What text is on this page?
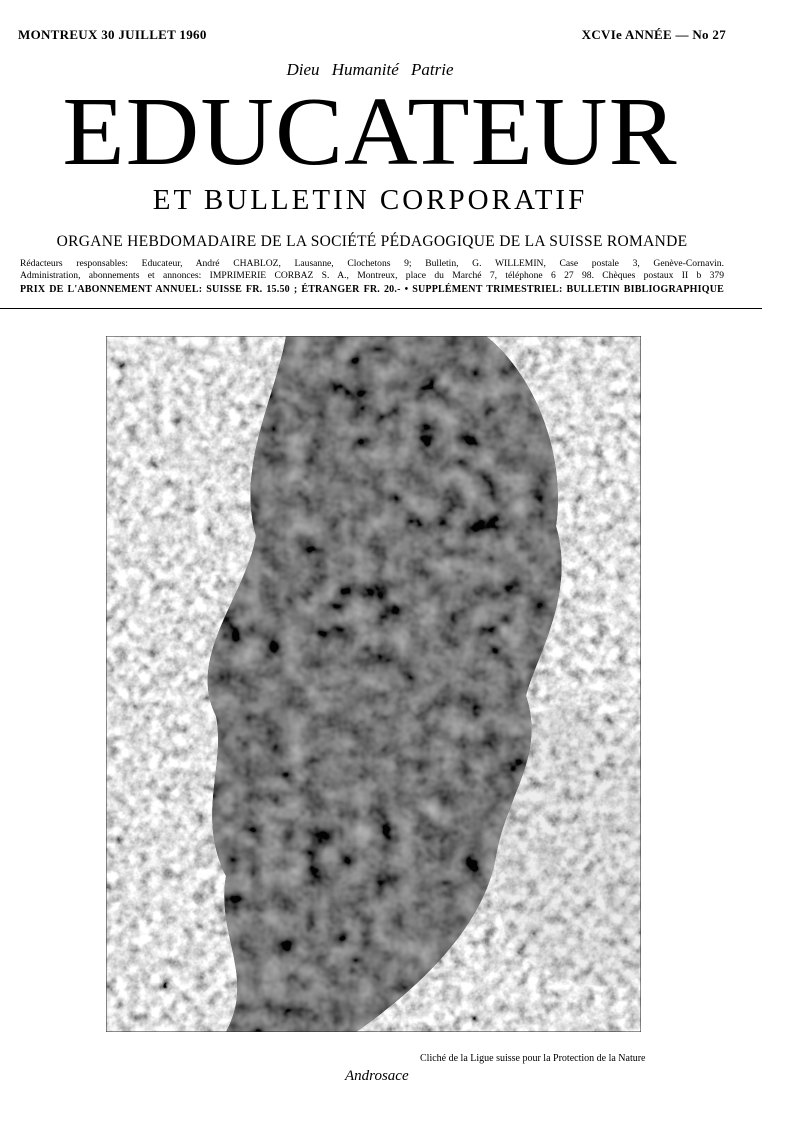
MONTREUX 30 JUILLET 1960	XCVIe ANNÉE — No 27
Dieu Humanité Patrie
EDUCATEUR
ET BULLETIN CORPORATIF
ORGANE HEBDOMADAIRE DE LA SOCIÉTÉ PÉDAGOGIQUE DE LA SUISSE ROMANDE
Rédacteurs responsables: Educateur, André CHABLOZ, Lausanne, Clochetons 9; Bulletin, G. WILLEMIN, Case postale 3, Genève-Cornavin.
Administration, abonnements et annonces: IMPRIMERIE CORBAZ S. A., Montreux, place du Marché 7, téléphone 6 27 98. Chèques postaux II b 379
PRIX DE L'ABONNEMENT ANNUEL: SUISSE FR. 15.50 ; ÉTRANGER FR. 20.- • SUPPLÉMENT TRIMESTRIEL: BULLETIN BIBLIOGRAPHIQUE
Cliché de la Ligue suisse pour la Protection de la Nature
Androsace
